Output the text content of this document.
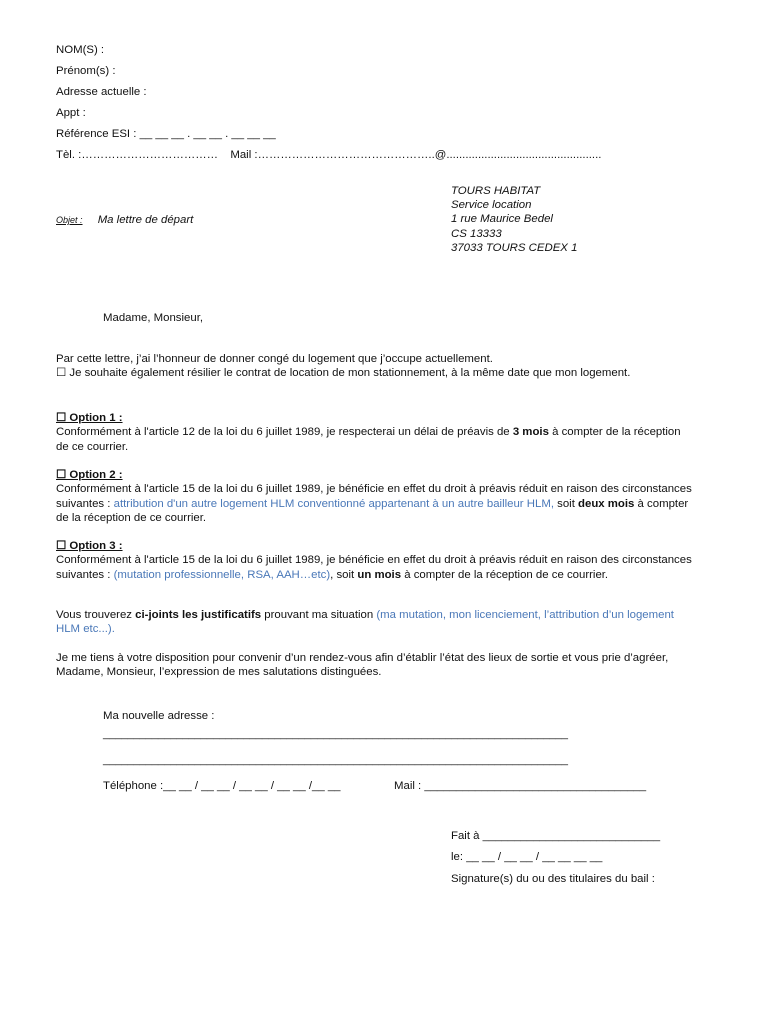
NOM(S) :
Prénom(s) :
Adresse actuelle :
Appt :
Référence ESI : __ __ __ . __ __ . __ __ __
Tèl. :……………………………… Mail :………………………………………..@.................................................
TOURS HABITAT
Service location
1 rue Maurice Bedel
CS 13333
37033 TOURS CEDEX 1
Objet : Ma lettre de départ
Madame, Monsieur,
Par cette lettre, j’ai l’honneur de donner congé du logement que j’occupe actuellement.
☐ Je souhaite également résilier le contrat de location de mon stationnement, à la même date que mon logement.
☐ Option 1 :
Conformément à l'article 12 de la loi du 6 juillet 1989, je respecterai un délai de préavis de 3 mois à compter de la réception de ce courrier.
☐ Option 2 :
Conformément à l'article 15 de la loi du 6 juillet 1989, je bénéficie en effet du droit à préavis réduit en raison des circonstances suivantes : attribution d'un autre logement HLM conventionné appartenant à un autre bailleur HLM, soit deux mois à compter de la réception de ce courrier.
☐ Option 3 :
Conformément à l'article 15 de la loi du 6 juillet 1989, je bénéficie en effet du droit à préavis réduit en raison des circonstances suivantes : (mutation professionnelle, RSA, AAH…etc), soit un mois à compter de la réception de ce courrier.
Vous trouverez ci-joints les justificatifs prouvant ma situation (ma mutation, mon licenciement, l’attribution d’un logement HLM etc...).
Je me tiens à votre disposition pour convenir d’un rendez-vous afin d’établir l’état des lieux de sortie et vous prie d’agréer, Madame, Monsieur, l’expression de mes salutations distinguées.
Ma nouvelle adresse :
____________________________________________________________________________
____________________________________________________________________________
Téléphone :__ __ / __ __ / __ __ / __ __ /__ __	Mail : ___________________________________
Fait à ____________________________
le: __ __ / __ __ / __ __ __ __
Signature(s) du ou des titulaires du bail :
